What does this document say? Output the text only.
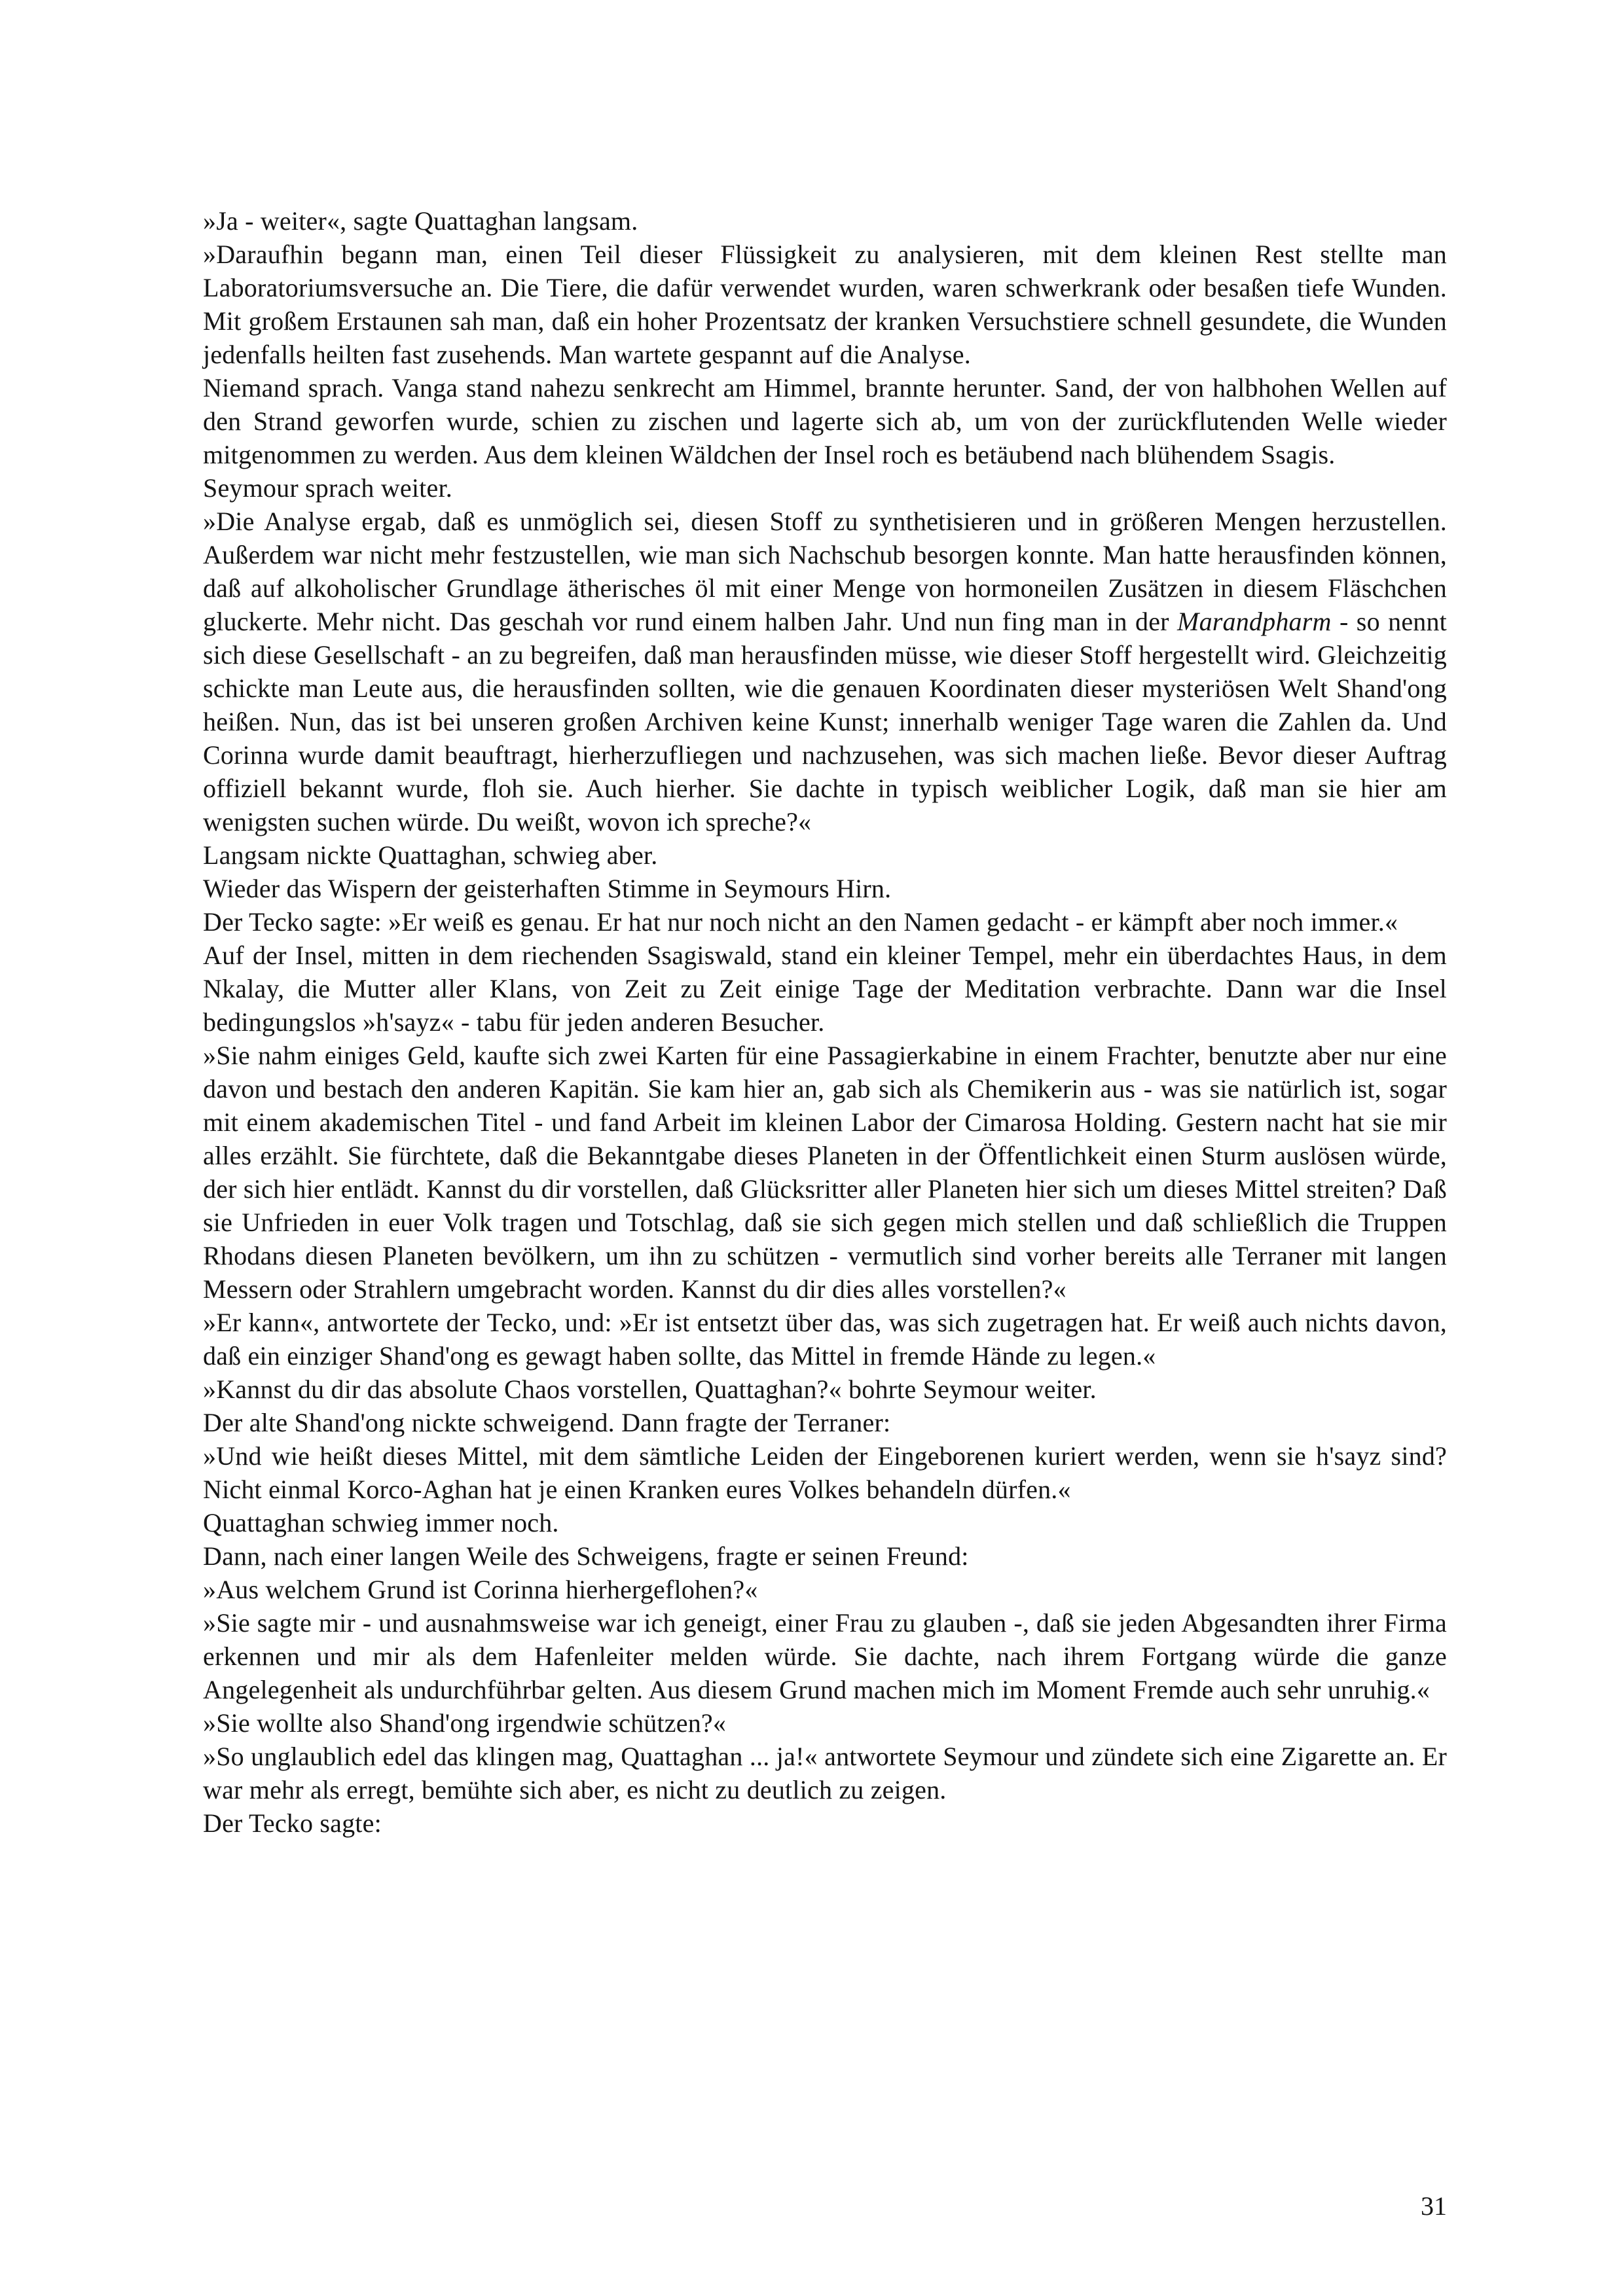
»Ja - weiter«, sagte Quattaghan langsam.

»Daraufhin begann man, einen Teil dieser Flüssigkeit zu analysieren, mit dem kleinen Rest stellte man Laboratoriumsversuche an. Die Tiere, die dafür verwendet wurden, waren schwerkrank oder besaßen tiefe Wunden. Mit großem Erstaunen sah man, daß ein hoher Prozentsatz der kranken Versuchstiere schnell gesundete, die Wunden jedenfalls heilten fast zusehends. Man wartete gespannt auf die Analyse.

Niemand sprach. Vanga stand nahezu senkrecht am Himmel, brannte herunter. Sand, der von halbhohen Wellen auf den Strand geworfen wurde, schien zu zischen und lagerte sich ab, um von der zurückflutenden Welle wieder mitgenommen zu werden. Aus dem kleinen Wäldchen der Insel roch es betäubend nach blühendem Ssagis.

Seymour sprach weiter.

»Die Analyse ergab, daß es unmöglich sei, diesen Stoff zu synthetisieren und in größeren Mengen herzustellen. Außerdem war nicht mehr festzustellen, wie man sich Nachschub besorgen konnte. Man hatte herausfinden können, daß auf alkoholischer Grundlage ätherisches öl mit einer Menge von hormoneilen Zusätzen in diesem Fläschchen gluckerte. Mehr nicht. Das geschah vor rund einem halben Jahr. Und nun fing man in der Marandpharm - so nennt sich diese Gesellschaft - an zu begreifen, daß man herausfinden müsse, wie dieser Stoff hergestellt wird. Gleichzeitig schickte man Leute aus, die herausfinden sollten, wie die genauen Koordinaten dieser mysteriösen Welt Shand'ong heißen. Nun, das ist bei unseren großen Archiven keine Kunst; innerhalb weniger Tage waren die Zahlen da. Und Corinna wurde damit beauftragt, hierherzufliegen und nachzusehen, was sich machen ließe. Bevor dieser Auftrag offiziell bekannt wurde, floh sie. Auch hierher. Sie dachte in typisch weiblicher Logik, daß man sie hier am wenigsten suchen würde. Du weißt, wovon ich spreche?«

Langsam nickte Quattaghan, schwieg aber.

Wieder das Wispern der geisterhaften Stimme in Seymours Hirn.

Der Tecko sagte: »Er weiß es genau. Er hat nur noch nicht an den Namen gedacht - er kämpft aber noch immer.«

Auf der Insel, mitten in dem riechenden Ssagiswald, stand ein kleiner Tempel, mehr ein überdachtes Haus, in dem Nkalay, die Mutter aller Klans, von Zeit zu Zeit einige Tage der Meditation verbrachte. Dann war die Insel bedingungslos »h'sayz« - tabu für jeden anderen Besucher.

»Sie nahm einiges Geld, kaufte sich zwei Karten für eine Passagierkabine in einem Frachter, benutzte aber nur eine davon und bestach den anderen Kapitän. Sie kam hier an, gab sich als Chemikerin aus - was sie natürlich ist, sogar mit einem akademischen Titel - und fand Arbeit im kleinen Labor der Cimarosa Holding. Gestern nacht hat sie mir alles erzählt. Sie fürchtete, daß die Bekanntgabe dieses Planeten in der Öffentlichkeit einen Sturm auslösen würde, der sich hier entlädt. Kannst du dir vorstellen, daß Glücksritter aller Planeten hier sich um dieses Mittel streiten? Daß sie Unfrieden in euer Volk tragen und Totschlag, daß sie sich gegen mich stellen und daß schließlich die Truppen Rhodans diesen Planeten bevölkern, um ihn zu schützen - vermutlich sind vorher bereits alle Terraner mit langen Messern oder Strahlern umgebracht worden. Kannst du dir dies alles vorstellen?«

»Er kann«, antwortete der Tecko, und: »Er ist entsetzt über das, was sich zugetragen hat. Er weiß auch nichts davon, daß ein einziger Shand'ong es gewagt haben sollte, das Mittel in fremde Hände zu legen.«

»Kannst du dir das absolute Chaos vorstellen, Quattaghan?« bohrte Seymour weiter.

Der alte Shand'ong nickte schweigend. Dann fragte der Terraner:

»Und wie heißt dieses Mittel, mit dem sämtliche Leiden der Eingeborenen kuriert werden, wenn sie h'sayz sind? Nicht einmal Korco-Aghan hat je einen Kranken eures Volkes behandeln dürfen.«

Quattaghan schwieg immer noch.

Dann, nach einer langen Weile des Schweigens, fragte er seinen Freund:

»Aus welchem Grund ist Corinna hierhergeflohen?«

»Sie sagte mir - und ausnahmsweise war ich geneigt, einer Frau zu glauben -, daß sie jeden Abgesandten ihrer Firma erkennen und mir als dem Hafenleiter melden würde. Sie dachte, nach ihrem Fortgang würde die ganze Angelegenheit als undurchführbar gelten. Aus diesem Grund machen mich im Moment Fremde auch sehr unruhig.«

»Sie wollte also Shand'ong irgendwie schützen?«

»So unglaublich edel das klingen mag, Quattaghan ... ja!« antwortete Seymour und zündete sich eine Zigarette an. Er war mehr als erregt, bemühte sich aber, es nicht zu deutlich zu zeigen.

Der Tecko sagte:

31
